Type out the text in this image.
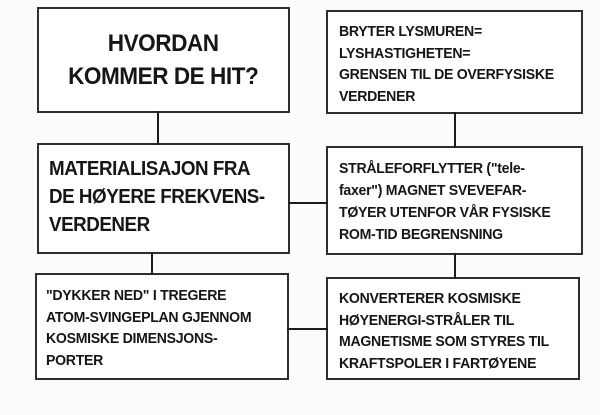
HVORDAN
KOMMER DE HIT?
BRYTER LYSMUREN=
LYSHASTIGHETEN=
GRENSEN TIL DE OVERFYSISKE
VERDENER
MATERIALISAJON FRA
DE HØYERE FREKVENS-
VERDENER
STRÅLEFORFLYTTER ("tele-
faxer") MAGNET SVEVEFAR-
TØYER UTENFOR VÅR FYSISKE
ROM-TID BEGRENSNING
"DYKKER NED" I TREGERE
ATOM-SVINGEPLAN GJENNOM
KOSMISKE DIMENSJONS-
PORTER
KONVERTERER KOSMISKE
HØYENERGI-STRÅLER TIL
MAGNETISME SOM STYRES TIL
KRAFTSPOLER I FARTØYENE
